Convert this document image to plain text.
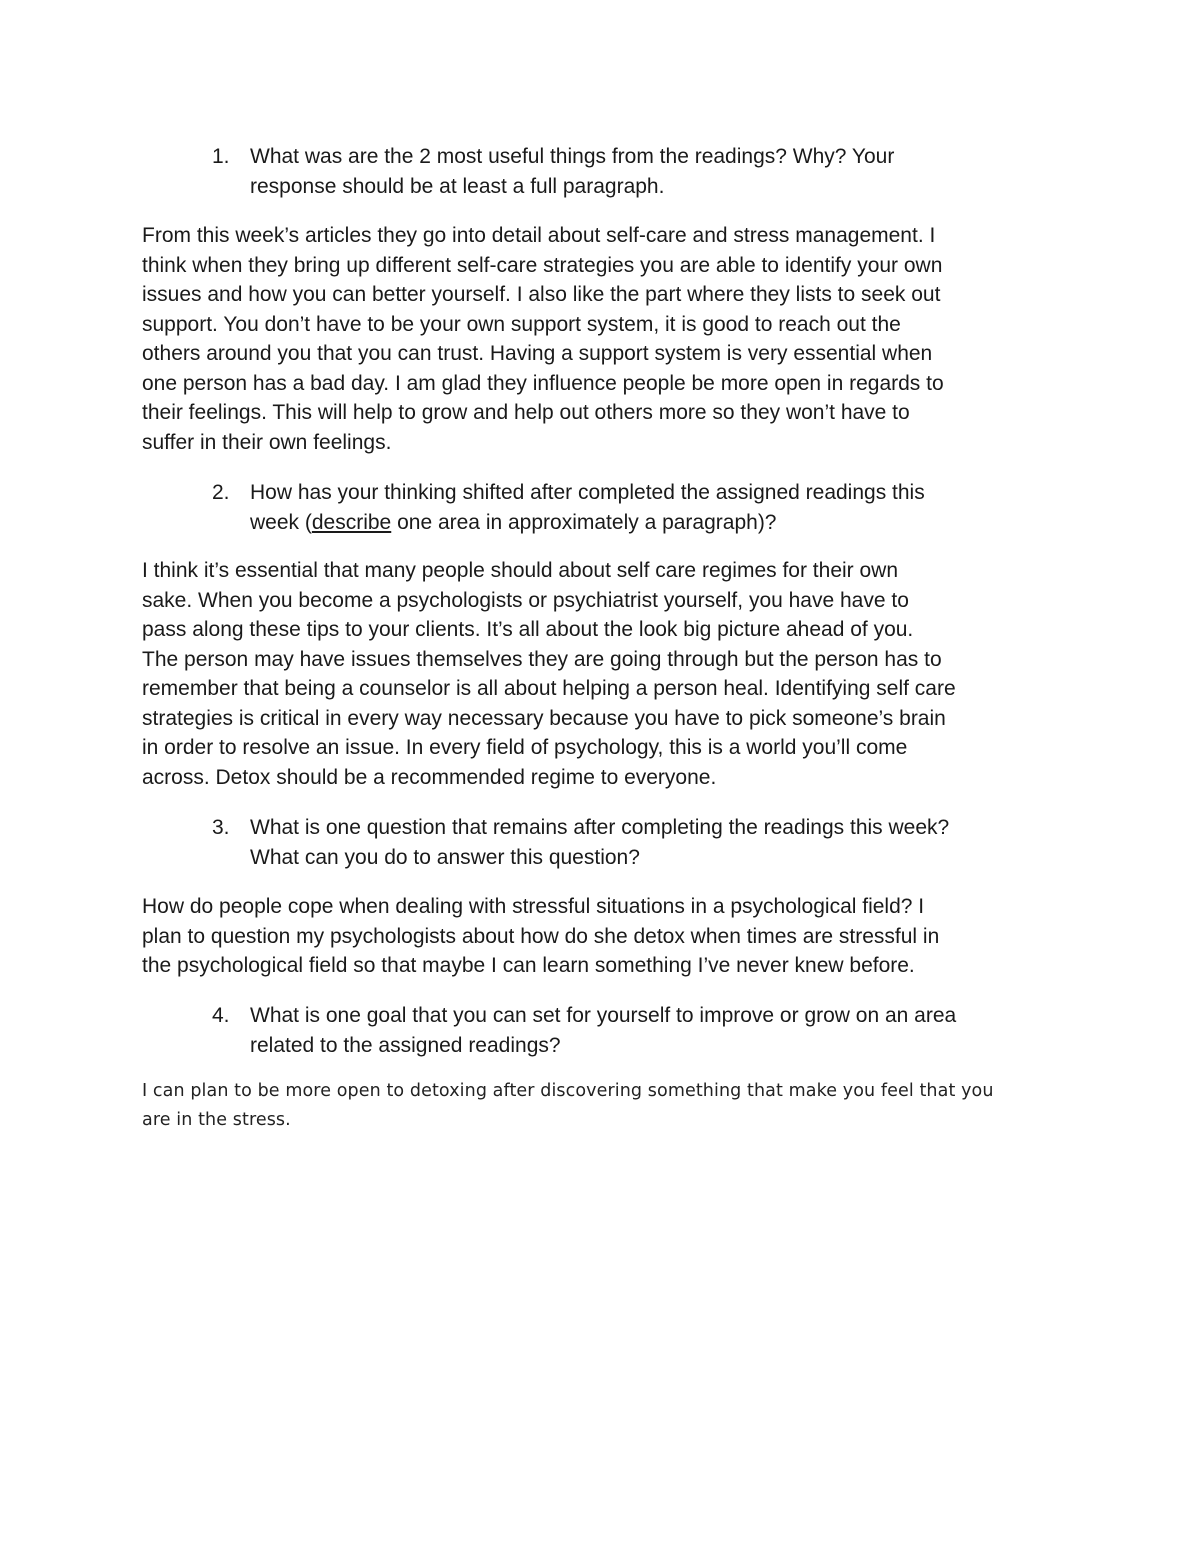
1. What was are the 2 most useful things from the readings? Why? Your
response should be at least a full paragraph.
From this week’s articles they go into detail about self-care and stress management. I
think when they bring up different self-care strategies you are able to identify your own
issues and how you can better yourself. I also like the part where they lists to seek out
support. You don’t have to be your own support system, it is good to reach out the
others around you that you can trust. Having a support system is very essential when
one person has a bad day. I am glad they influence people be more open in regards to
their feelings. This will help to grow and help out others more so they won’t have to
suffer in their own feelings.
2. How has your thinking shifted after completed the assigned readings this
week (describe one area in approximately a paragraph)?
I think it’s essential that many people should about self care regimes for their own
sake. When you become a psychologists or psychiatrist yourself, you have have to
pass along these tips to your clients. It’s all about the look big picture ahead of you.
The person may have issues themselves they are going through but the person has to
remember that being a counselor is all about helping a person heal. Identifying self care
strategies is critical in every way necessary because you have to pick someone’s brain
in order to resolve an issue. In every field of psychology, this is a world you’ll come
across. Detox should be a recommended regime to everyone.
3. What is one question that remains after completing the readings this week?
What can you do to answer this question?
How do people cope when dealing with stressful situations in a psychological field? I
plan to question my psychologists about how do she detox when times are stressful in
the psychological field so that maybe I can learn something I’ve never knew before.
4. What is one goal that you can set for yourself to improve or grow on an area
related to the assigned readings?
I can plan to be more open to detoxing after discovering something that make you feel that you
are in the stress.
